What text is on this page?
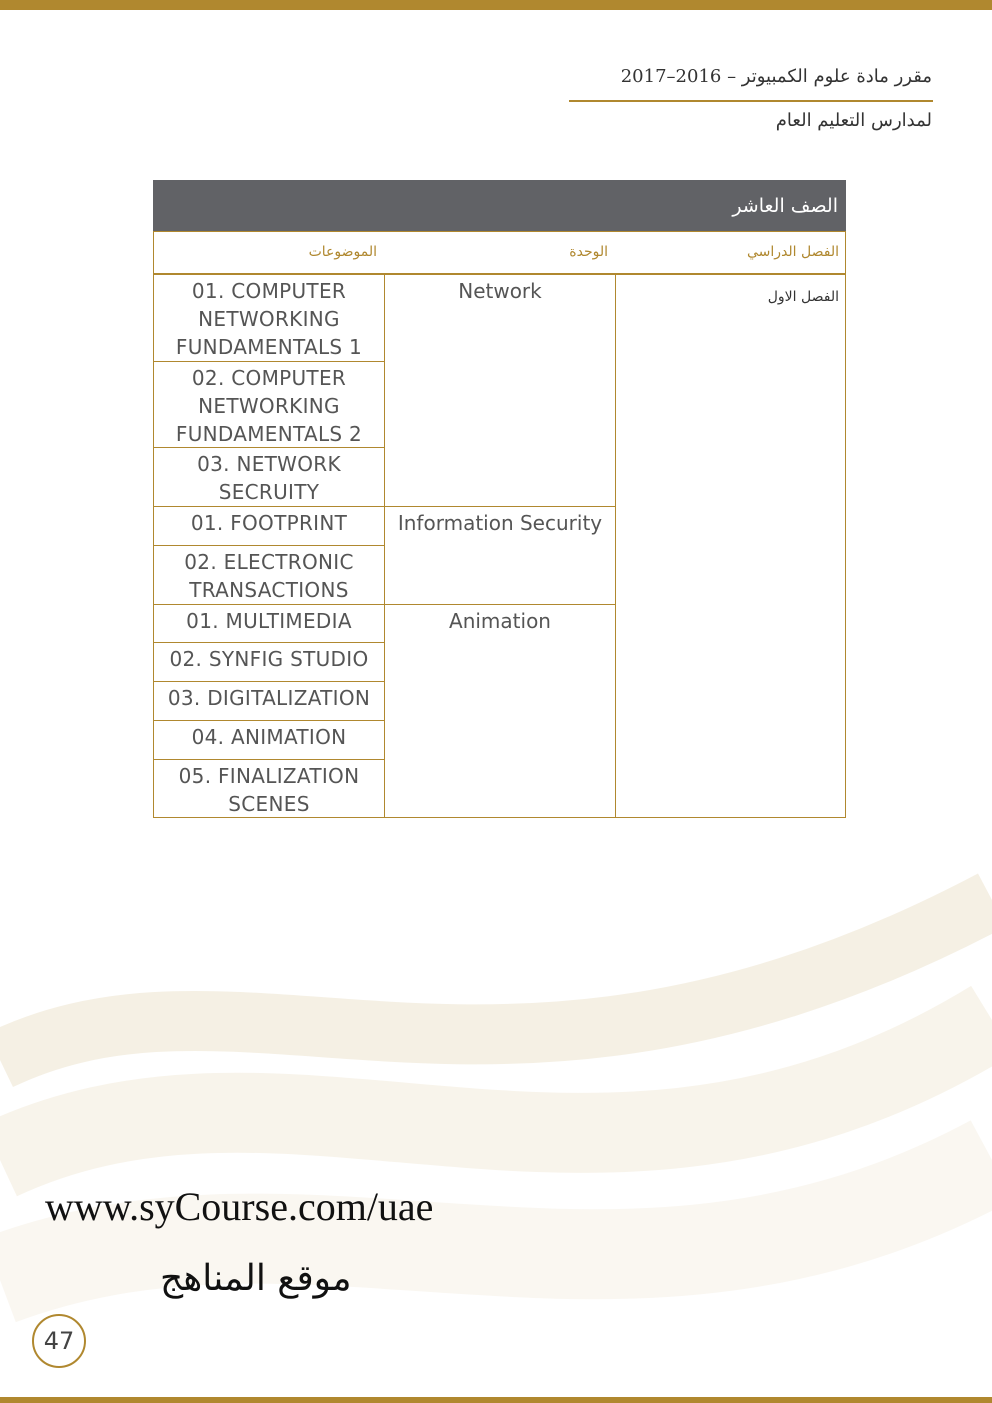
مقرر مادة علوم الكمبيوتر – 2016–2017
لمدارس التعليم العام
الصف العاشر
الفصل الدراسي
الوحدة
الموضوعات
الفصل الاول
Network
Information Security
Animation
01. COMPUTER NETWORKING FUNDAMENTALS 1
02. COMPUTER NETWORKING FUNDAMENTALS 2
03. NETWORK SECRUITY
01. FOOTPRINT
02. ELECTRONIC TRANSACTIONS
01. MULTIMEDIA
02. SYNFIG STUDIO
03. DIGITALIZATION
04. ANIMATION
05. FINALIZATION SCENES
www.syCourse.com/uae
موقع المناهج
47
